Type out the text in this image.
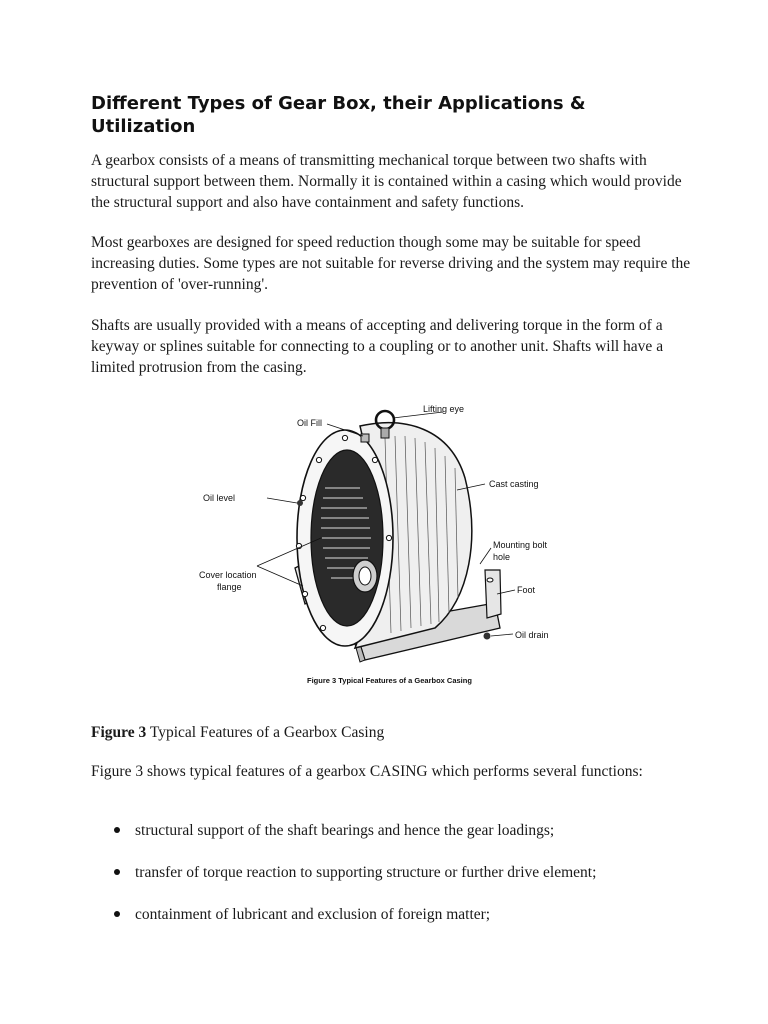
Different Types of Gear Box, their Applications & Utilization

A gearbox consists of a means of transmitting mechanical torque between two shafts with structural support between them. Normally it is contained within a casing which would provide the structural support and also have containment and safety functions.

Most gearboxes are designed for speed reduction though some may be suitable for speed increasing duties. Some types are not suitable for reverse driving and the system may require the prevention of 'over-running'.

Shafts are usually provided with a means of accepting and delivering torque in the form of a keyway or splines suitable for connecting to a coupling or to another unit. Shafts will have a limited protrusion from the casing.

Lifting eye
Oil Fill
Oil level
Cast casting
Mounting bolt
hole
Cover location
flange	Foot
Oil drain
Figure 3 Typical Features of a Gearbox Casing

Figure 3 Typical Features of a Gearbox Casing

Figure 3 shows typical features of a gearbox CASING which performs several functions:

structural support of the shaft bearings and hence the gear loadings;
transfer of torque reaction to supporting structure or further drive element;
containment of lubricant and exclusion of foreign matter;
